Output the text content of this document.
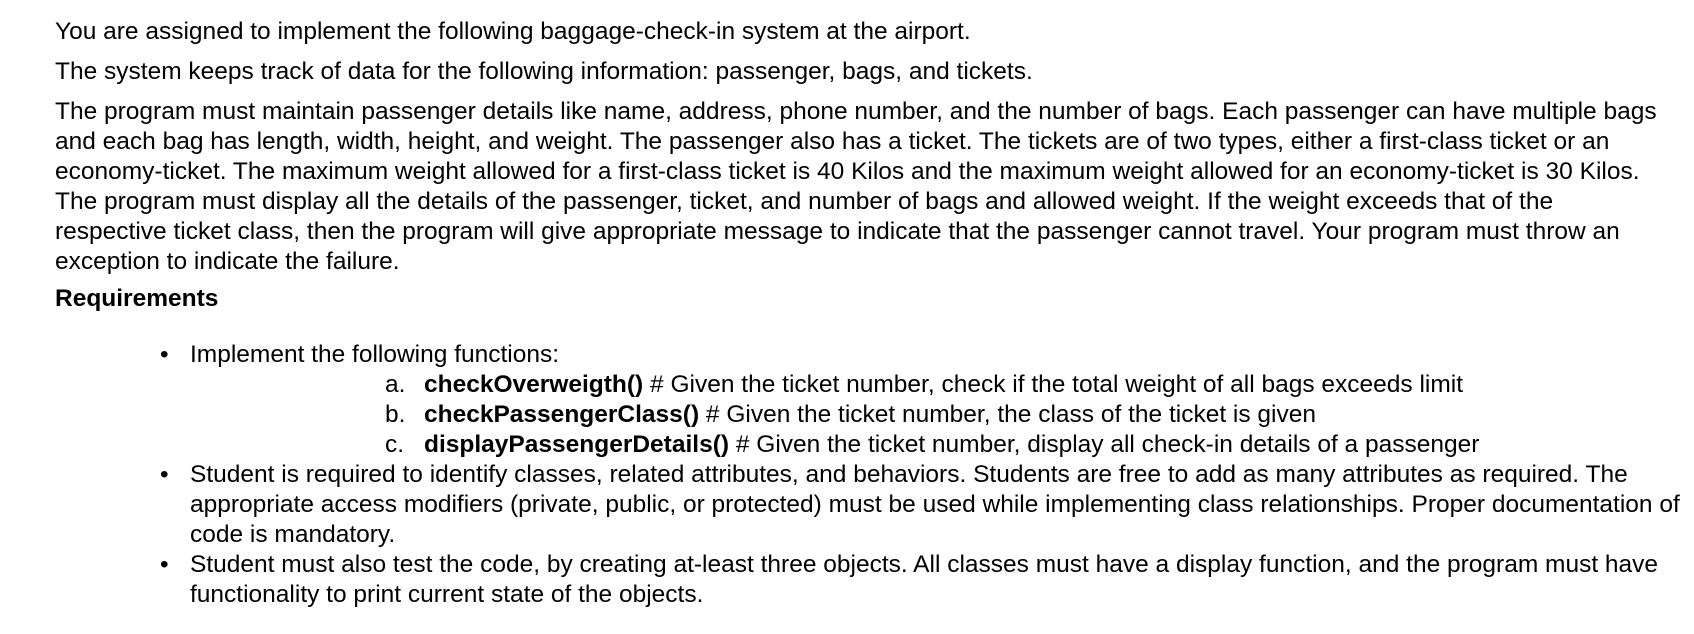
You are assigned to implement the following baggage-check-in system at the airport.

The system keeps track of data for the following information: passenger, bags, and tickets.

The program must maintain passenger details like name, address, phone number, and the number of bags. Each passenger can have multiple bags and each bag has length, width, height, and weight. The passenger also has a ticket. The tickets are of two types, either a first-class ticket or an economy-ticket. The maximum weight allowed for a first-class ticket is 40 Kilos and the maximum weight allowed for an economy-ticket is 30 Kilos. The program must display all the details of the passenger, ticket, and number of bags and allowed weight. If the weight exceeds that of the respective ticket class, then the program will give appropriate message to indicate that the passenger cannot travel. Your program must throw an exception to indicate the failure.

Requirements
• Implement the following functions:
a. checkOverweigth() # Given the ticket number, check if the total weight of all bags exceeds limit
b. checkPassengerClass() # Given the ticket number, the class of the ticket is given
c. displayPassengerDetails() # Given the ticket number, display all check-in details of a passenger
• Student is required to identify classes, related attributes, and behaviors. Students are free to add as many attributes as required. The appropriate access modifiers (private, public, or protected) must be used while implementing class relationships. Proper documentation of code is mandatory.
• Student must also test the code, by creating at-least three objects. All classes must have a display function, and the program must have functionality to print current state of the objects.
